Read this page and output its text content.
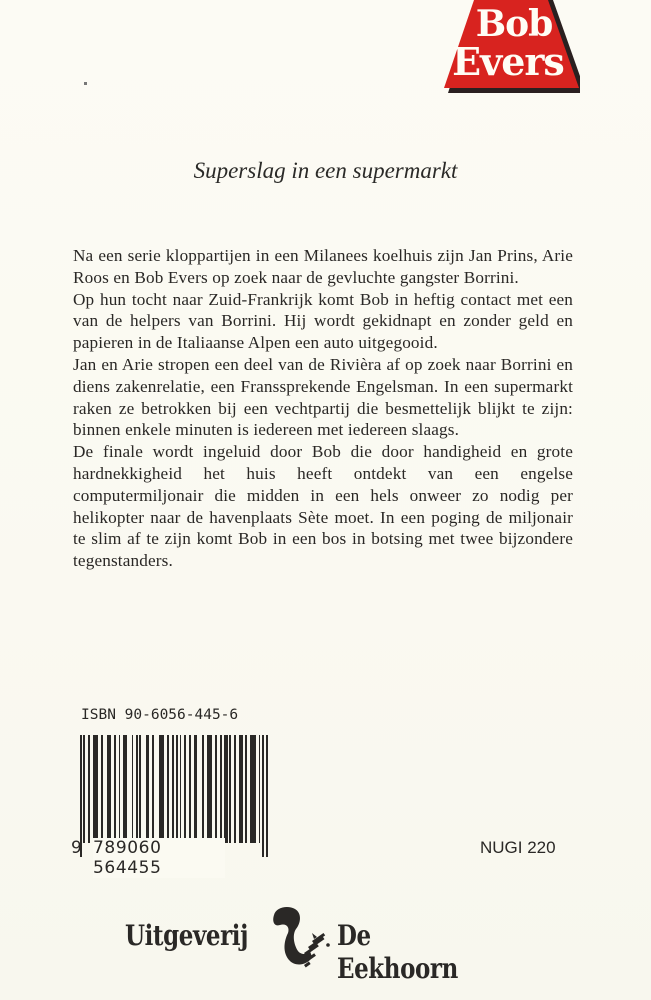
Bob
Evers
Superslag in een supermarkt

Na een serie kloppartijen in een Milanees koelhuis zijn Jan Prins, Arie Roos en Bob Evers op zoek naar de gevluchte gangster Borrini.

Op hun tocht naar Zuid-Frankrijk komt Bob in heftig contact met een van de helpers van Borrini. Hij wordt gekidnapt en zonder geld en papieren in de Italiaanse Alpen een auto uitgegooid.

Jan en Arie stropen een deel van de Rivièra af op zoek naar Borrini en diens zakenrelatie, een Franssprekende Engelsman. In een supermarkt raken ze betrokken bij een vechtpartij die besmettelijk blijkt te zijn: binnen enkele minuten is iedereen met iedereen slaags.

De finale wordt ingeluid door Bob die door handigheid en grote hardnekkigheid het huis heeft ontdekt van een engelse computermiljonair die midden in een hels onweer zo nodig per helikopter naar de havenplaats Sète moet. In een poging de miljonair te slim af te zijn komt Bob in een bos in botsing met twee bijzondere tegenstanders.

ISBN 90-6056-445-6
9 789060 564455
NUGI 220
Uitgeverij	De Eekhoorn
